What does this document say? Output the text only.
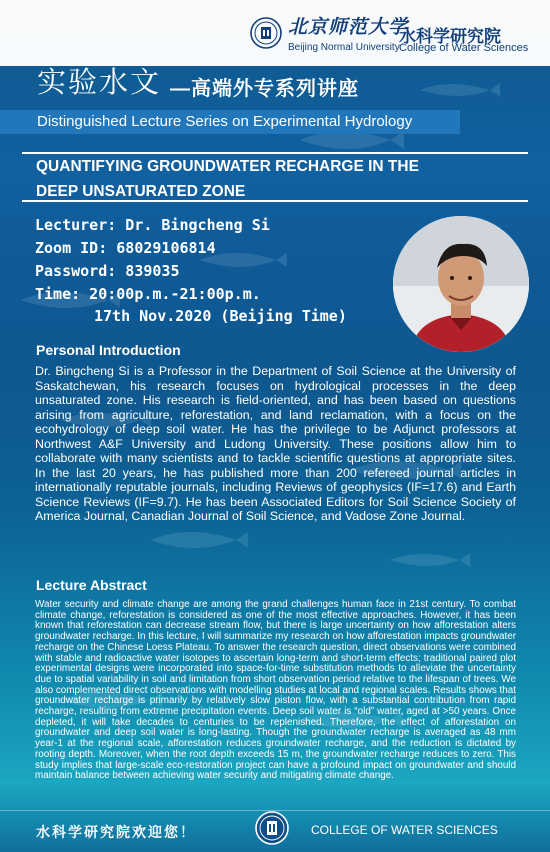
北京师范大学
Beijing Normal University
水科学研究院
College of Water Sciences
实验水文 —高端外专系列讲座
Distinguished Lecture Series on Experimental Hydrology
QUANTIFYING GROUNDWATER RECHARGE IN THE
DEEP UNSATURATED ZONE
Lecturer: Dr. Bingcheng Si
Zoom ID: 68029106814
Password: 839035
Time: 20:00p.m.-21:00p.m.
17th Nov.2020 (Beijing Time)
Personal Introduction
Dr. Bingcheng Si is a Professor in the Department of Soil Science at the University of Saskatchewan, his research focuses on hydrological processes in the deep unsaturated zone. His research is field-oriented, and has been based on questions arising from agriculture, reforestation, and land reclamation, with a focus on the ecohydrology of deep soil water. He has the privilege to be Adjunct professors at Northwest A&F University and Ludong University. These positions allow him to collaborate with many scientists and to tackle scientific questions at appropriate sites. In the last 20 years, he has published more than 200 refereed journal articles in internationally reputable journals, including Reviews of geophysics (IF=17.6) and Earth Science Reviews (IF=9.7). He has been Associated Editors for Soil Science Society of America Journal, Canadian Journal of Soil Science, and Vadose Zone Journal.
Lecture Abstract
Water security and climate change are among the grand challenges human face in 21st century. To combat climate change, reforestation is considered as one of the most effective approaches. However, it has been known that reforestation can decrease stream flow, but there is large uncertainty on how afforestation alters groundwater recharge. In this lecture, I will summarize my research on how afforestation impacts groundwater recharge on the Chinese Loess Plateau. To answer the research question, direct observations were combined with stable and radioactive water isotopes to ascertain long-term and short-term effects; traditional paired plot experimental designs were incorporated into space-for-time substitution methods to alleviate the uncertainty due to spatial variability in soil and limitation from short observation period relative to the lifespan of trees. We also complemented direct observations with modelling studies at local and regional scales. Results shows that groundwater recharge is primarily by relatively slow piston flow, with a substantial contribution from rapid recharge, resulting from extreme precipitation events. Deep soil water is “old” water, aged at >50 years. Once depleted, it will take decades to centuries to be replenished. Therefore, the effect of afforestation on groundwater and deep soil water is long-lasting. Though the groundwater recharge is averaged as 48 mm year-1 at the regional scale, afforestation reduces groundwater recharge, and the reduction is dictated by rooting depth. Moreover, when the root depth exceeds 15 m, the groundwater recharge reduces to zero. This study implies that large-scale eco-restoration project can have a profound impact on groundwater and should maintain balance between achieving water security and mitigating climate change.
水科学研究院欢迎您！	COLLEGE OF WATER SCIENCES
